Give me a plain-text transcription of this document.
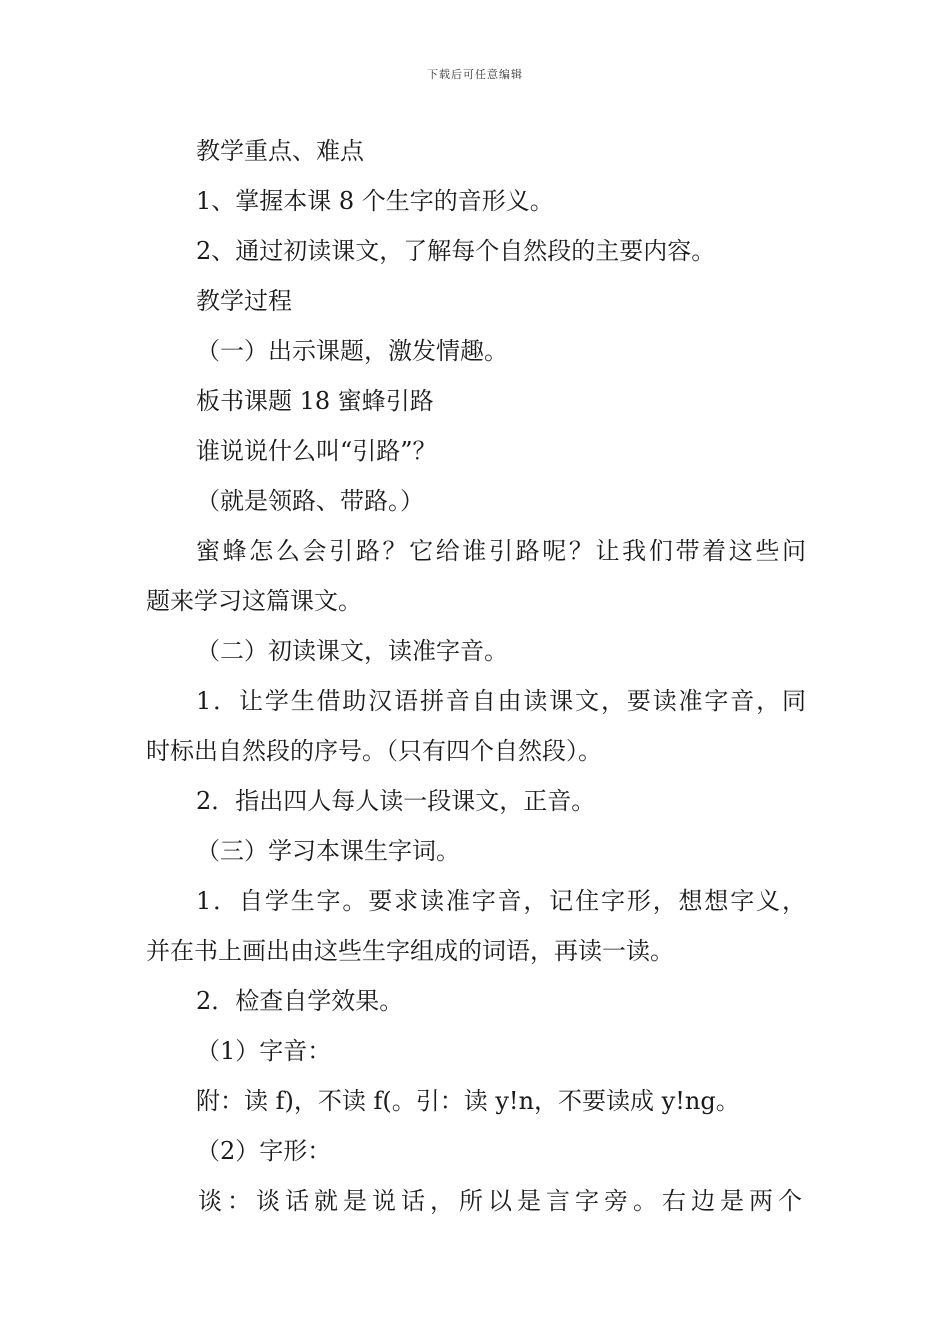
下载后可任意编辑
教学重点、难点
1、掌握本课 8 个生字的音形义。
2、通过初读课文，了解每个自然段的主要内容。
教学过程
（一）出示课题，激发情趣。
板书课题 18 蜜蜂引路
谁说说什么叫“引路”？
（就是领路、带路。）
蜜蜂怎么会引路？它给谁引路呢？让我们带着这些问
题来学习这篇课文。
（二）初读课文，读准字音。
1．让学生借助汉语拼音自由读课文，要读准字音，同
时标出自然段的序号。（只有四个自然段）。
2．指出四人每人读一段课文，正音。
（三）学习本课生字词。
1．自学生字。要求读准字音，记住字形，想想字义，
并在书上画出由这些生字组成的词语，再读一读。
2．检查自学效果。
（1）字音：
附：读 f)，不读 f(。引：读 y!n，不要读成 y!ng。
（2）字形：
谈：谈话就是说话，所以是言字旁。右边是两个
